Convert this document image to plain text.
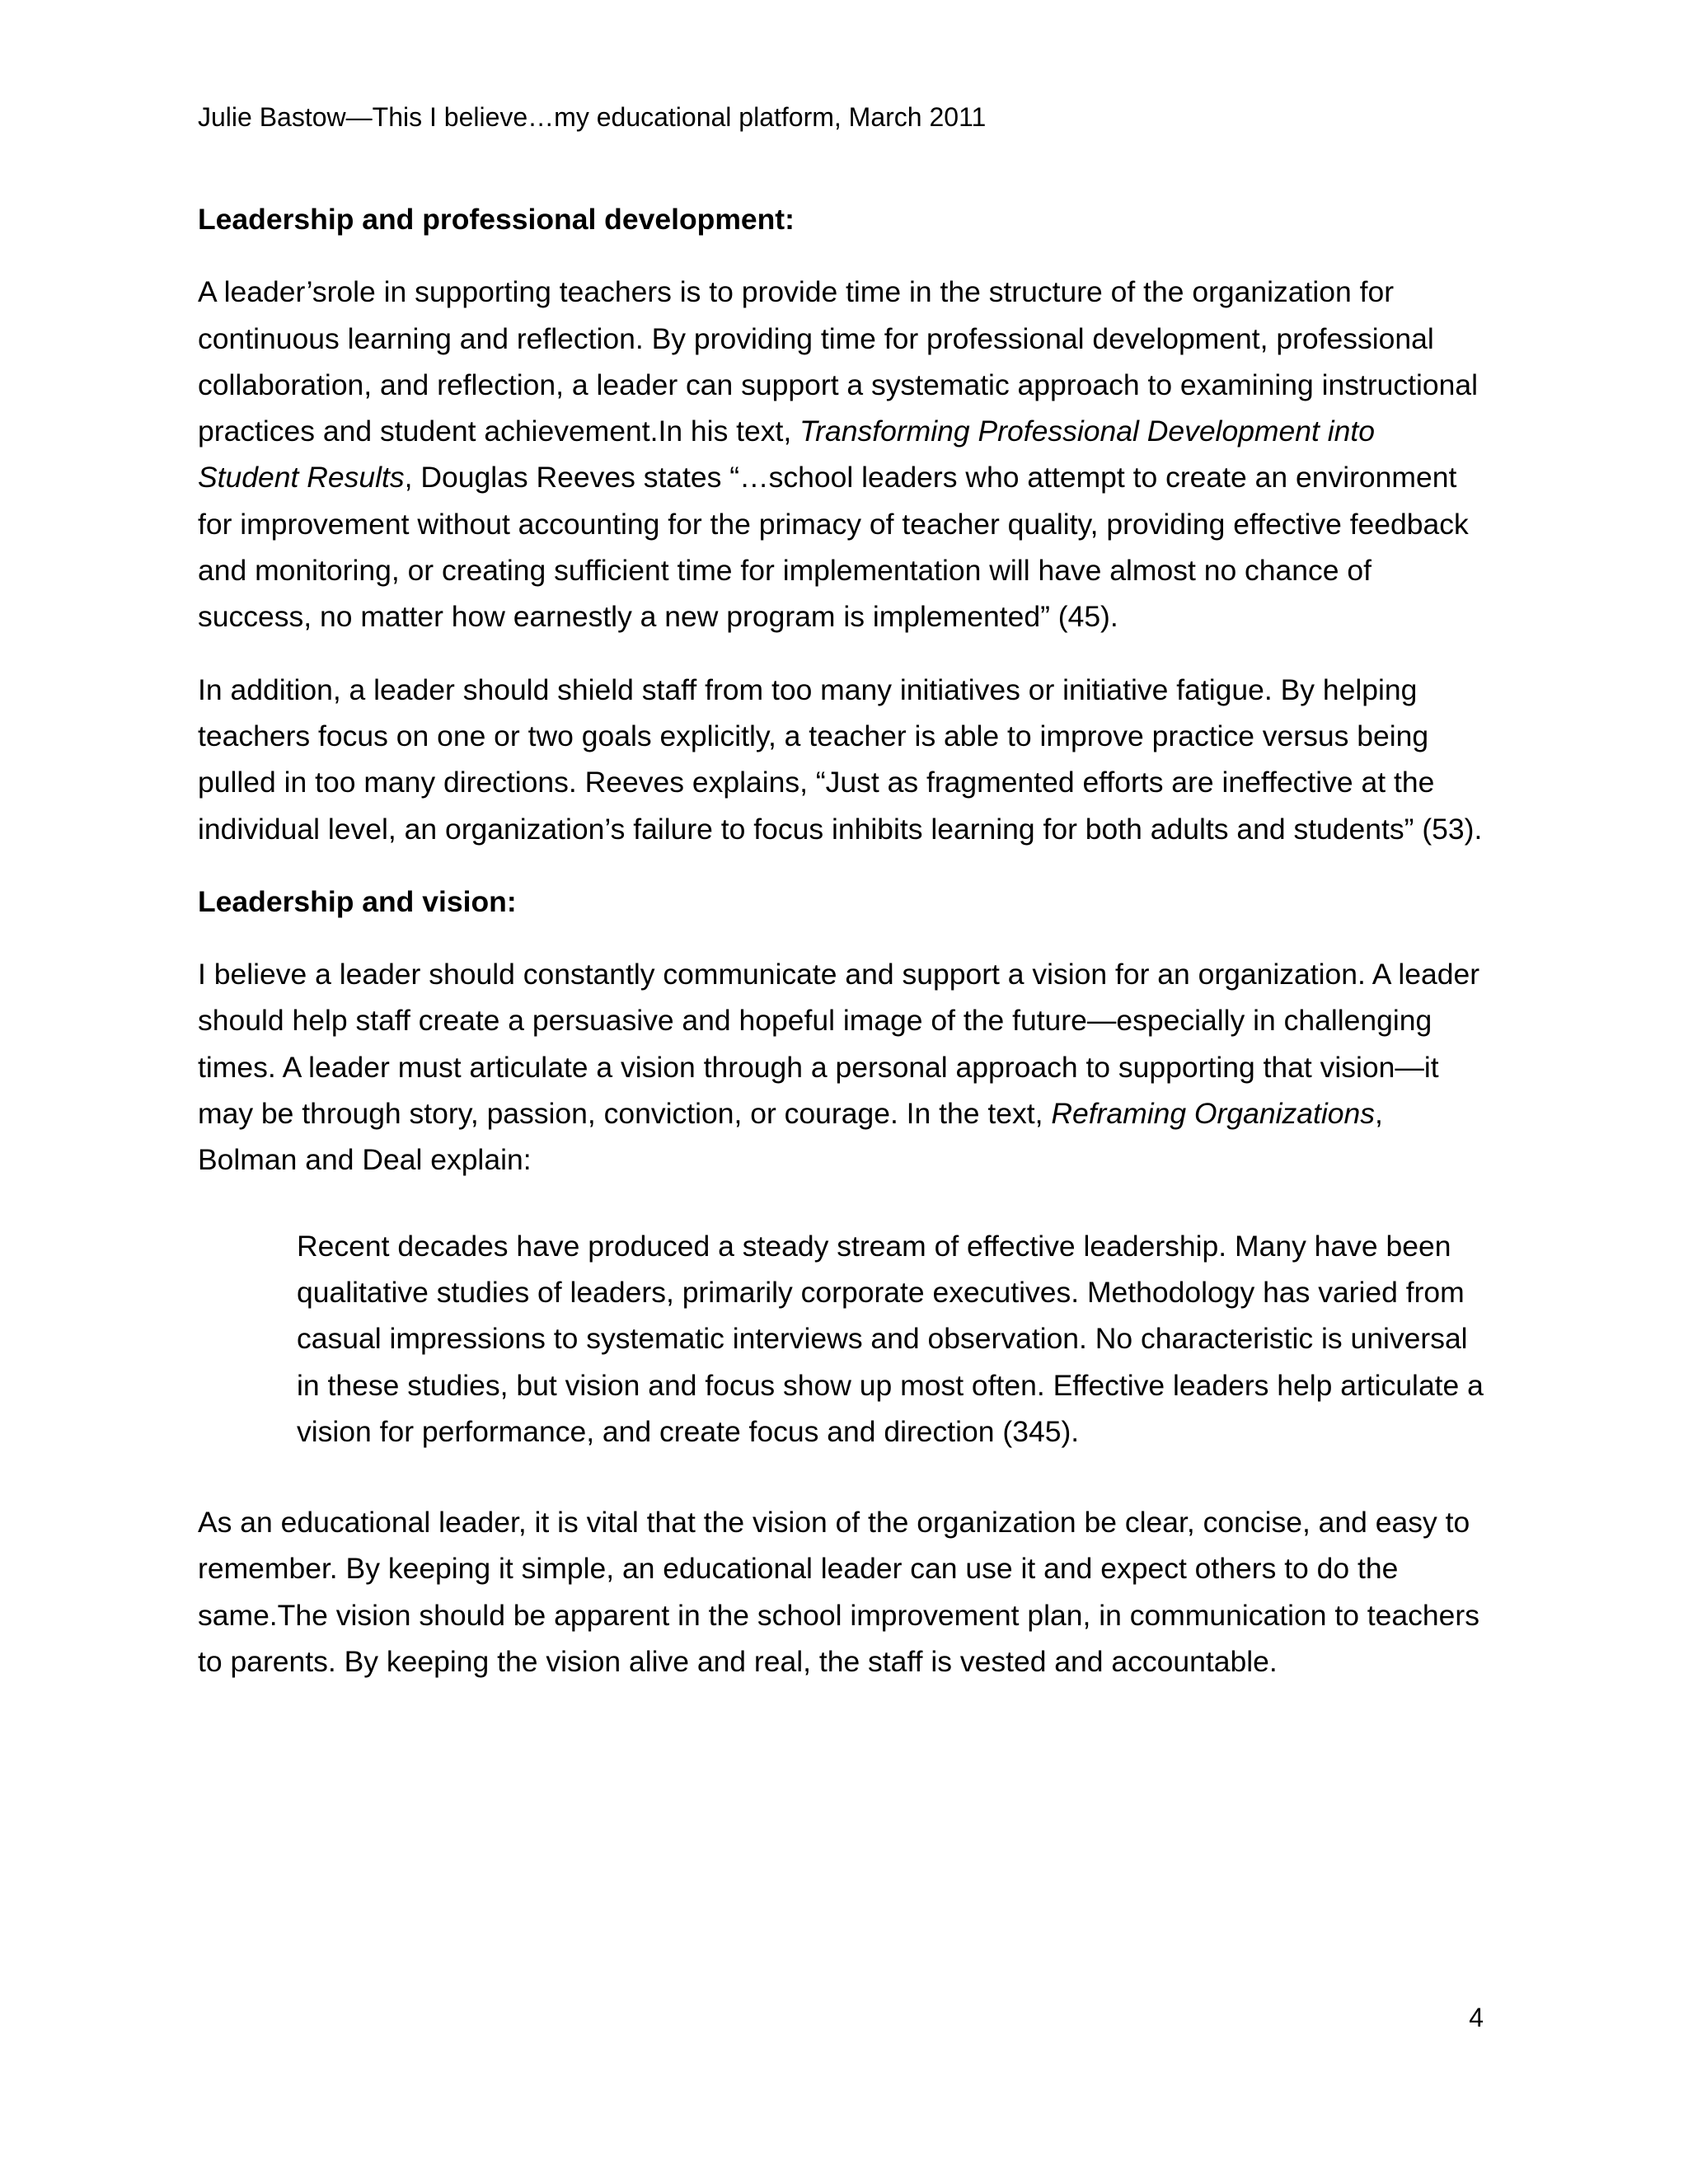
Julie Bastow—This I believe…my educational platform, March 2011

Leadership and professional development:

A leader’srole in supporting teachers is to provide time in the structure of the organization for continuous learning and reflection. By providing time for professional development, professional collaboration, and reflection, a leader can support a systematic approach to examining instructional practices and student achievement.In his text, Transforming Professional Development into Student Results, Douglas Reeves states “…school leaders who attempt to create an environment for improvement without accounting for the primacy of teacher quality, providing effective feedback and monitoring, or creating sufficient time for implementation will have almost no chance of success, no matter how earnestly a new program is implemented” (45).

In addition, a leader should shield staff from too many initiatives or initiative fatigue. By helping teachers focus on one or two goals explicitly, a teacher is able to improve practice versus being pulled in too many directions. Reeves explains, “Just as fragmented efforts are ineffective at the individual level, an organization’s failure to focus inhibits learning for both adults and students” (53).

Leadership and vision:

I believe a leader should constantly communicate and support a vision for an organization. A leader should help staff create a persuasive and hopeful image of the future—especially in challenging times. A leader must articulate a vision through a personal approach to supporting that vision—it may be through story, passion, conviction, or courage. In the text, Reframing Organizations, Bolman and Deal explain:

Recent decades have produced a steady stream of effective leadership. Many have been qualitative studies of leaders, primarily corporate executives. Methodology has varied from casual impressions to systematic interviews and observation. No characteristic is universal in these studies, but vision and focus show up most often. Effective leaders help articulate a vision for performance, and create focus and direction (345).

As an educational leader, it is vital that the vision of the organization be clear, concise, and easy to remember. By keeping it simple, an educational leader can use it and expect others to do the same.The vision should be apparent in the school improvement plan, in communication to teachers to parents. By keeping the vision alive and real, the staff is vested and accountable.

4
